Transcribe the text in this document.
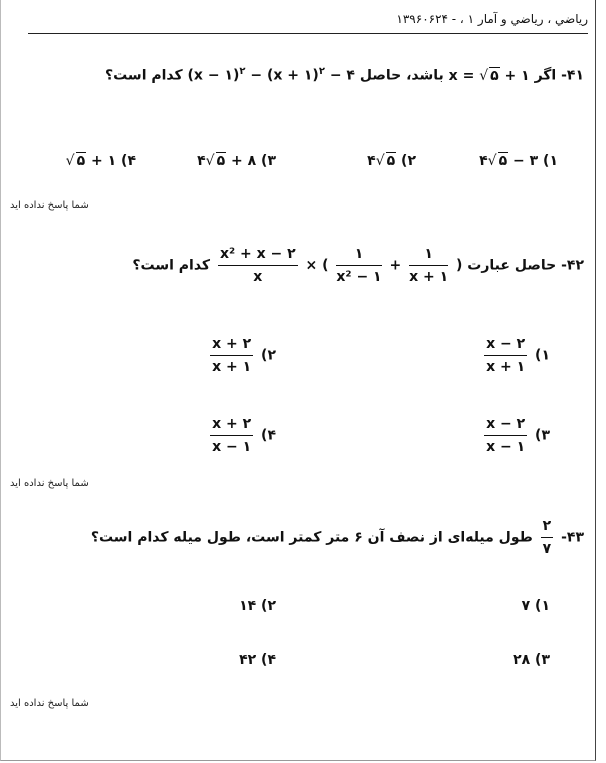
رياضي ، رياضي و آمار ۱ ، - ۱۳۹۶۰۶۲۴
۴۱- اگر x = √ ۵ + ۱ باشد، حاصل (x − ۱)$^۲$ − (x + ۱)$^۲$ − ۴ کدام است؟
۱) ۴√ ۵ − ۳
۲) ۴√ ۵
۳) ۴√ ۵ + ۸
۴) √ ۵ + ۱
شما پاسخ نداده اید
۴۲- حاصل عبارت
$\frac{\text{x² + x − ۲}}{x}$ × ( $\frac{۱}{\text{x² − ۱}} + \frac{۱}{x + ۱}$ ) کدام است؟
۱)
$\frac{x - ۲}{x + ۱}$
۲)
$\frac{x + ۲}{x + ۱}$
۳)
$\frac{x - ۲}{x - ۱}$
۴)
$\frac{x + ۲}{x - ۱}$
شما پاسخ نداده اید
۴۳-
$\frac{۲}{۷}$
طول میله‌ای از نصف آن ۶ متر کمتر است، طول میله کدام است؟
۱) ۷
۲) ۱۴
۳) ۲۸
۴) ۴۲
شما پاسخ نداده اید
